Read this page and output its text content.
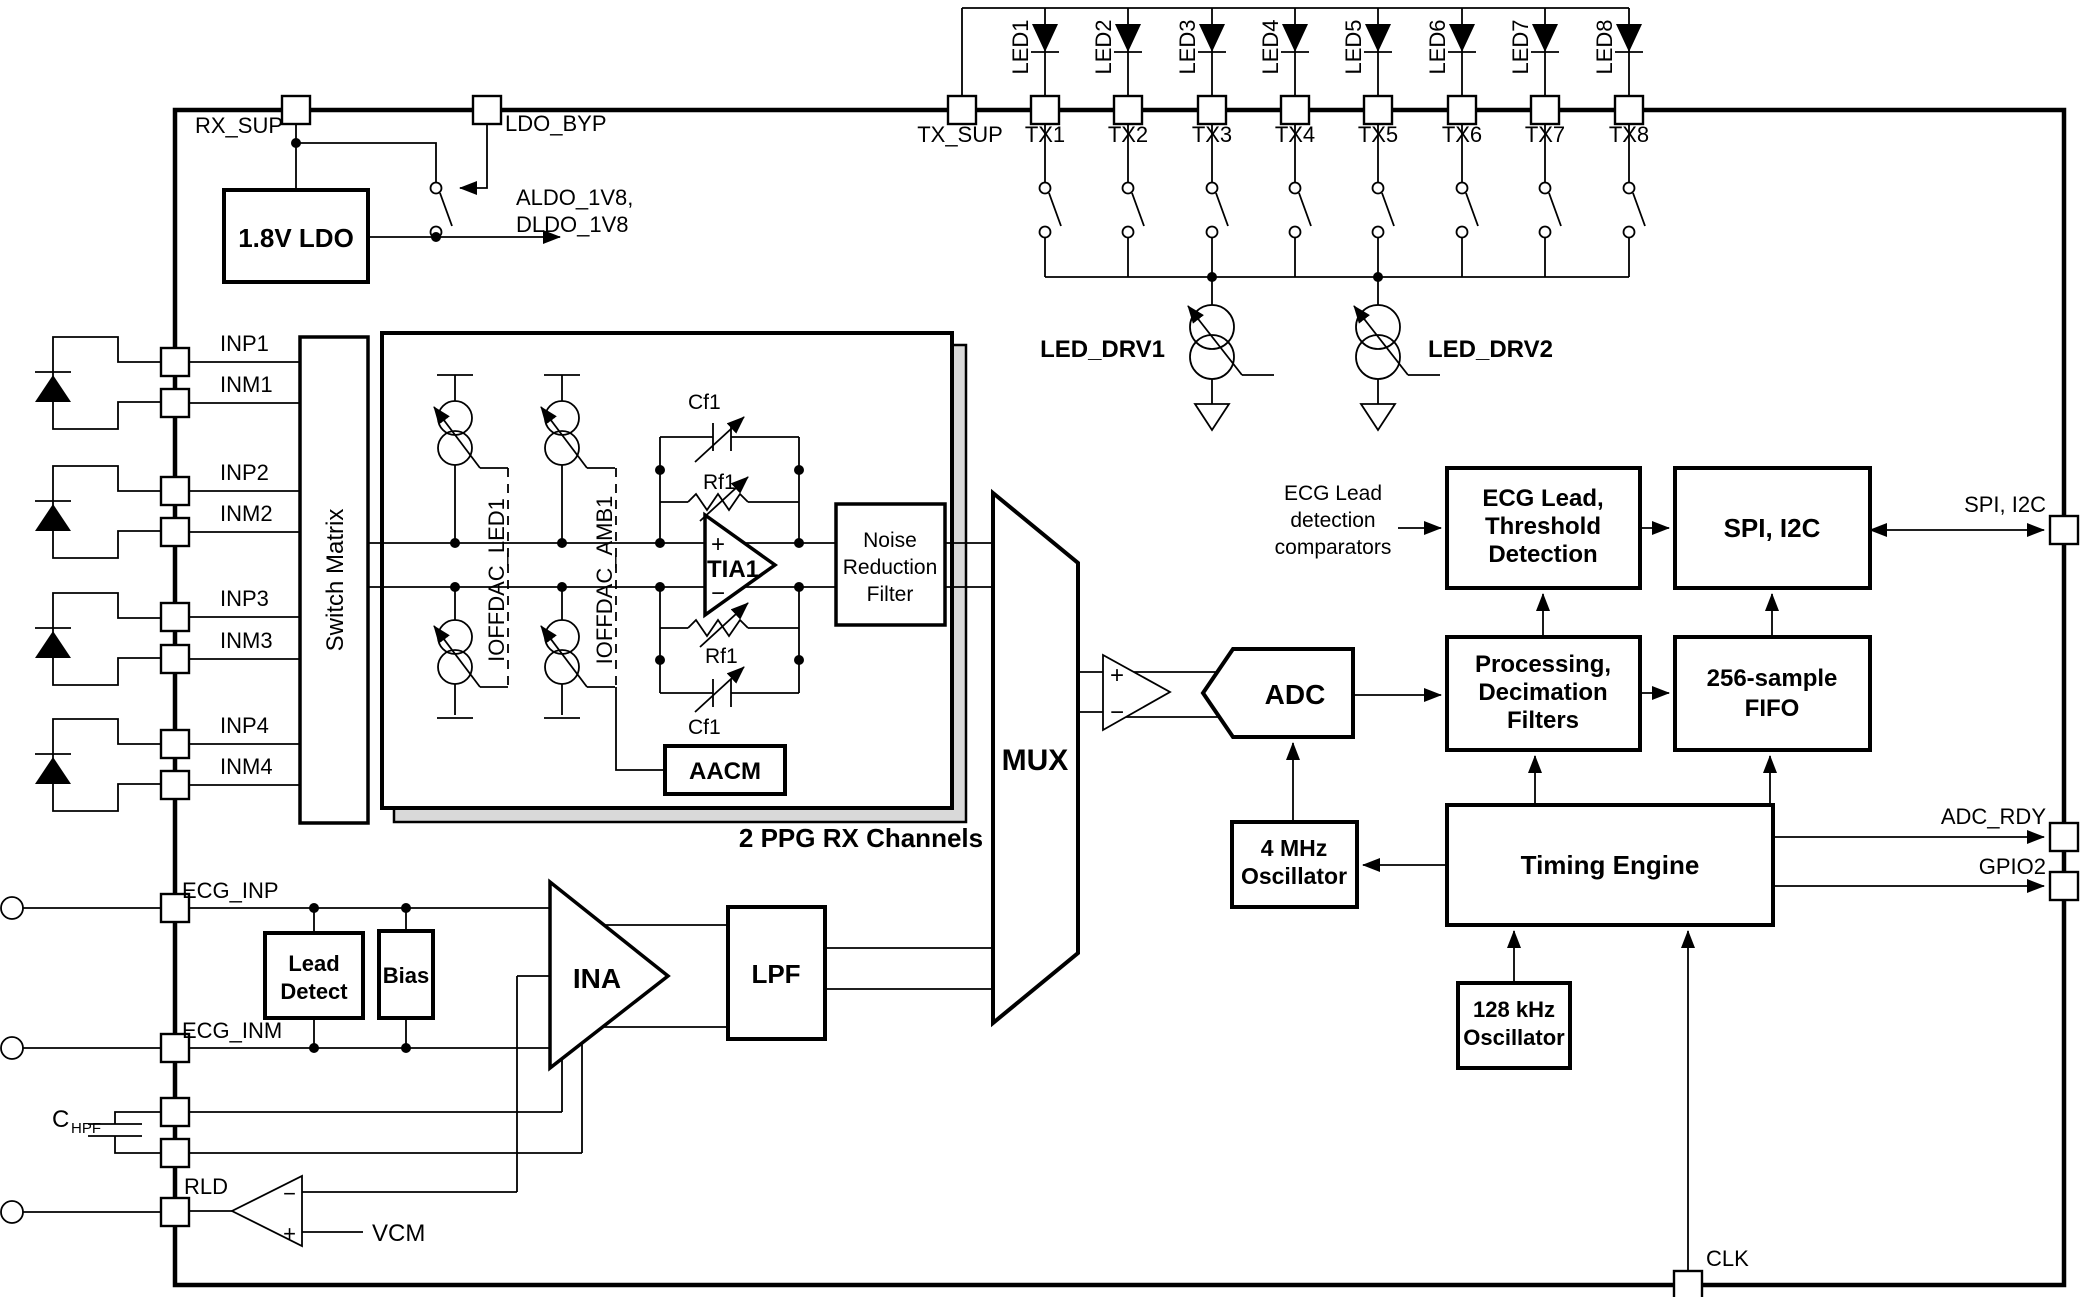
1.8V LDO
ALDO_1V8,
DLDO_1V8
RX_SUP	LDO_BYP
LED_DRV1	LED_DRV2
TX_SUP TX1 TX2 TX3 TX4 TX5 TX6 TX7 TX8
LED1	LED2	LED3	LED4	LED5	LED6	LED7	LED8
INP1
INM1
INP2
INM2
INP3
INM3
INP4
INM4
Switch Matrix	IOFFDAC_LED1	IOFFDAC_AMB1	+
TIA1
−
Cf1
Rf1
Rf1
Cf1
Noise
Reduction
Filter
AACM
2 PPG RX Channels
MUX
+
−
ADC
4 MHz
Oscillator
ECG Lead
detection
comparators
ECG Lead,
Threshold
Detection
SPI, I2C
Processing,
Decimation
Filters
256-sample
FIFO
Timing Engine
128 kHz
Oscillator
SPI, I2C
ADC_RDY
GPIO2
CLK
Lead
Detect
Bias	INA	LPF
−
+	VCM
ECG_INP
ECG_INM
C HPF
RLD
